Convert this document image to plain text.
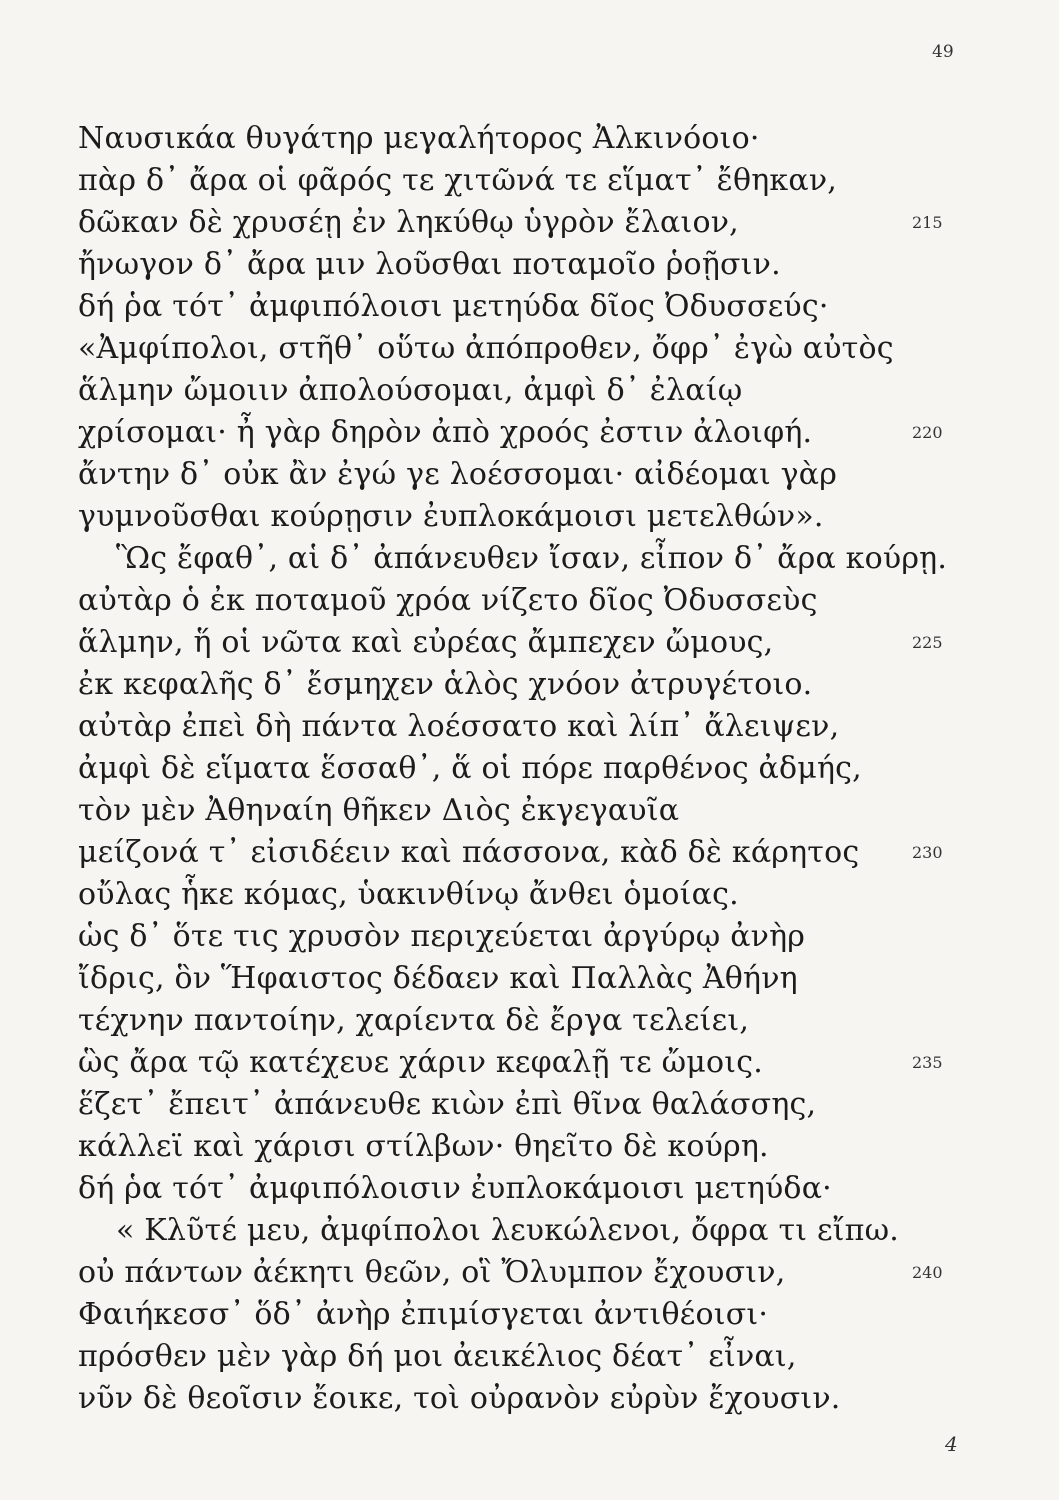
49
Ναυσικάα θυγάτηρ μεγαλήτορος Ἀλκινόοιο·
πὰρ δ᾽ ἄρα οἱ φᾶρός τε χιτῶνά τε εἵματ᾽ ἔθηκαν,
δῶκαν δὲ χρυσέῃ ἐν ληκύθῳ ὑγρὸν ἔλαιον,	215
ἤνωγον δ᾽ ἄρα μιν λοῦσθαι ποταμοῖο ῥοῇσιν.
δή ῥα τότ᾽ ἀμφιπόλοισι μετηύδα δῖος Ὀδυσσεύς·
«Ἀμφίπολοι, στῆθ᾽ οὕτω ἀπόπροθεν, ὄφρ᾽ ἐγὼ αὐτὸς
ἅλμην ὤμοιιν ἀπολούσομαι, ἀμφὶ δ᾽ ἐλαίῳ
χρίσομαι· ἦ γὰρ δηρὸν ἀπὸ χροός ἐστιν ἀλοιφή.	220
ἄντην δ᾽ οὐκ ἂν ἐγώ γε λοέσσομαι· αἰδέομαι γὰρ
γυμνοῦσθαι κούρῃσιν ἐυπλοκάμοισι μετελθών».
Ὣς ἔφαθ᾽, αἱ δ᾽ ἀπάνευθεν ἴσαν, εἶπον δ᾽ ἄρα κούρῃ.
αὐτὰρ ὁ ἐκ ποταμοῦ χρόα νίζετο δῖος Ὀδυσσεὺς
ἅλμην, ἥ οἱ νῶτα καὶ εὐρέας ἄμπεχεν ὤμους,	225
ἐκ κεφαλῆς δ᾽ ἔσμηχεν ἁλὸς χνόον ἀτρυγέτοιο.
αὐτὰρ ἐπεὶ δὴ πάντα λοέσσατο καὶ λίπ᾽ ἄλειψεν,
ἀμφὶ δὲ εἵματα ἕσσαθ᾽, ἅ οἱ πόρε παρθένος ἀδμής,
τὸν μὲν Ἀθηναίη θῆκεν Διὸς ἐκγεγαυῖα
μείζονά τ᾽ εἰσιδέειν καὶ πάσσονα, κὰδ δὲ κάρητος	230
οὔλας ἧκε κόμας, ὑακινθίνῳ ἄνθει ὁμοίας.
ὡς δ᾽ ὅτε τις χρυσὸν περιχεύεται ἀργύρῳ ἀνὴρ
ἴδρις, ὃν Ἥφαιστος δέδαεν καὶ Παλλὰς Ἀθήνη
τέχνην παντοίην, χαρίεντα δὲ ἔργα τελείει,
ὣς ἄρα τῷ κατέχευε χάριν κεφαλῇ τε ὤμοις.	235
ἕζετ᾽ ἔπειτ᾽ ἀπάνευθε κιὼν ἐπὶ θῖνα θαλάσσης,
κάλλεϊ καὶ χάρισι στίλβων· θηεῖτο δὲ κούρη.
δή ῥα τότ᾽ ἀμφιπόλοισιν ἐυπλοκάμοισι μετηύδα·
« Κλῦτέ μευ, ἀμφίπολοι λευκώλενοι, ὄφρα τι εἴπω.
οὐ πάντων ἀέκητι θεῶν, οἳ Ὄλυμπον ἔχουσιν,	240
Φαιήκεσσ᾽ ὅδ᾽ ἀνὴρ ἐπιμίσγεται ἀντιθέοισι·
πρόσθεν μὲν γὰρ δή μοι ἀεικέλιος δέατ᾽ εἶναι,
νῦν δὲ θεοῖσιν ἔοικε, τοὶ οὐρανὸν εὐρὺν ἔχουσιν.
4
